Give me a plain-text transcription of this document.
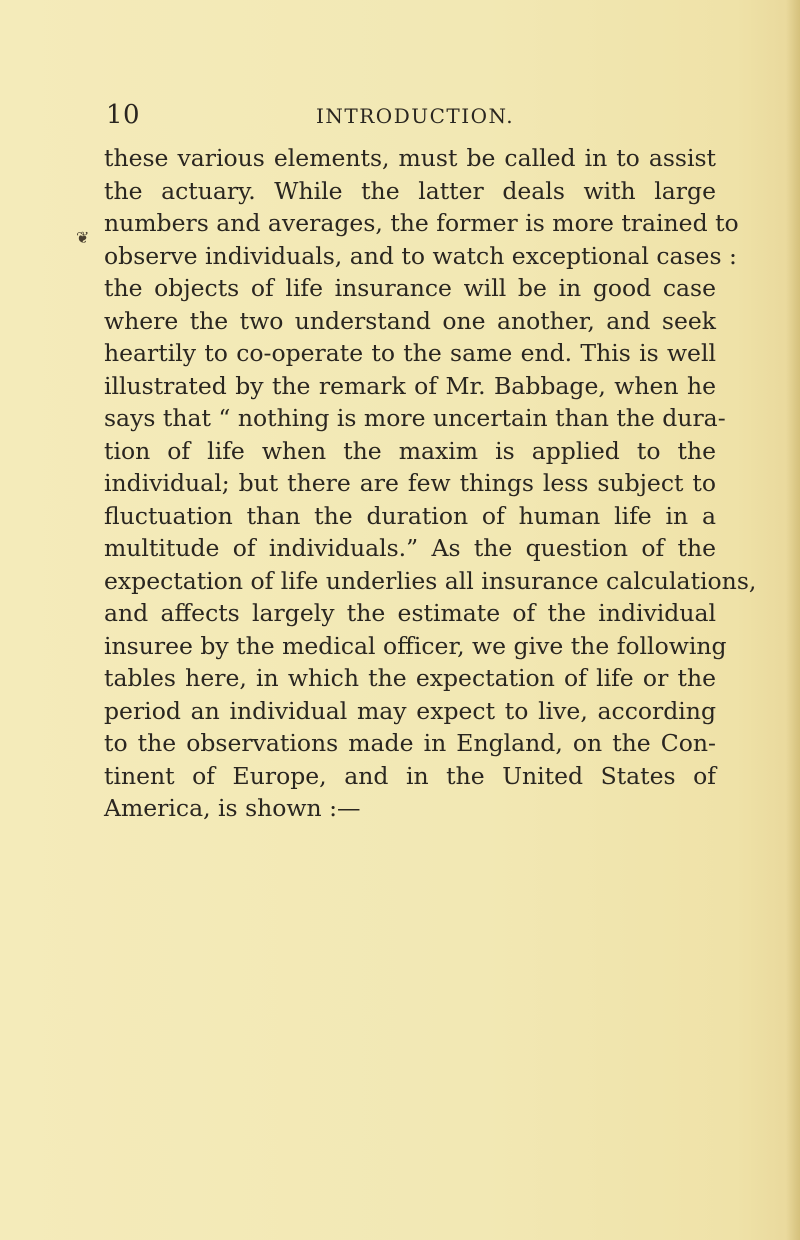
10	INTRODUCTION.
❦
these various elements, must be called in to assist
the actuary. While the latter deals with large
numbers and averages, the former is more trained to
observe individuals, and to watch exceptional cases :
the objects of life insurance will be in good case
where the two understand one another, and seek
heartily to co-operate to the same end. This is well
illustrated by the remark of Mr. Babbage, when he
says that “ nothing is more uncertain than the dura-
tion of life when the maxim is applied to the
individual; but there are few things less subject to
fluctuation than the duration of human life in a
multitude of individuals.” As the question of the
expectation of life underlies all insurance calculations,
and affects largely the estimate of the individual
insuree by the medical officer, we give the following
tables here, in which the expectation of life or the
period an individual may expect to live, according
to the observations made in England, on the Con-
tinent of Europe, and in the United States of
America, is shown :—
